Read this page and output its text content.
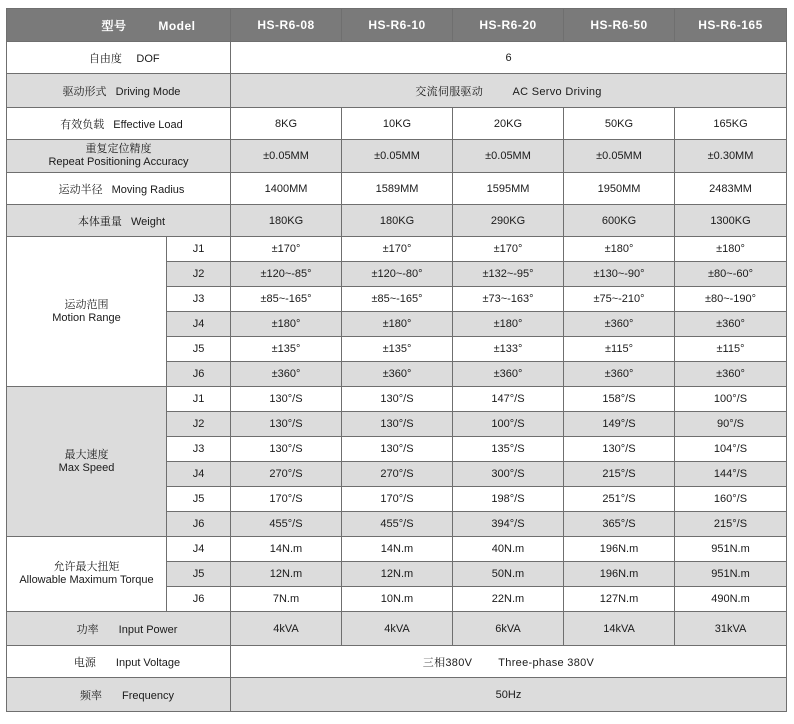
型号 Model		HS-R6-08	HS-R6-10	HS-R6-20	HS-R6-50	HS-R6-165
自由度 DOF		6				
驱动形式 Driving Mode		交流伺服驱动 AC Servo Driving				
有效负载 Effective Load		8KG	10KG	20KG	50KG	165KG

重复定位精度
Repeat Positioning Accuracy		±0.05MM	±0.05MM	±0.05MM	±0.05MM	±0.30MM
运动半径 Moving Radius		1400MM	1589MM	1595MM	1950MM	2483MM
本体重量 Weight		180KG	180KG	290KG	600KG	1300KG

运动范围
Motion Range	J1	±170°	±170°	±170°	±180°	±180°
	J2	±120~-85°	±120~-80°	±132~-95°	±130~-90°	±80~-60°
	J3	±85~-165°	±85~-165°	±73~-163°	±75~-210°	±80~-190°
	J4	±180°	±180°	±180°	±360°	±360°
	J5	±135°	±135°	±133°	±115°	±115°
	J6	±360°	±360°	±360°	±360°	±360°

最大速度
Max Speed	J1	130°/S	130°/S	147°/S	158°/S	100°/S
	J2	130°/S	130°/S	100°/S	149°/S	90°/S
	J3	130°/S	130°/S	135°/S	130°/S	104°/S
	J4	270°/S	270°/S	300°/S	215°/S	144°/S
	J5	170°/S	170°/S	198°/S	251°/S	160°/S
	J6	455°/S	455°/S	394°/S	365°/S	215°/S

允许最大扭矩
Allowable Maximum Torque	J4	14N.m	14N.m	40N.m	196N.m	951N.m
	J5	12N.m	12N.m	50N.m	196N.m	951N.m
	J6	7N.m	10N.m	22N.m	127N.m	490N.m
功率 Input Power		4kVA	4kVA	6kVA	14kVA	31kVA
电源 Input Voltage		三相380V Three-phase 380V				
频率 Frequency		50Hz				
